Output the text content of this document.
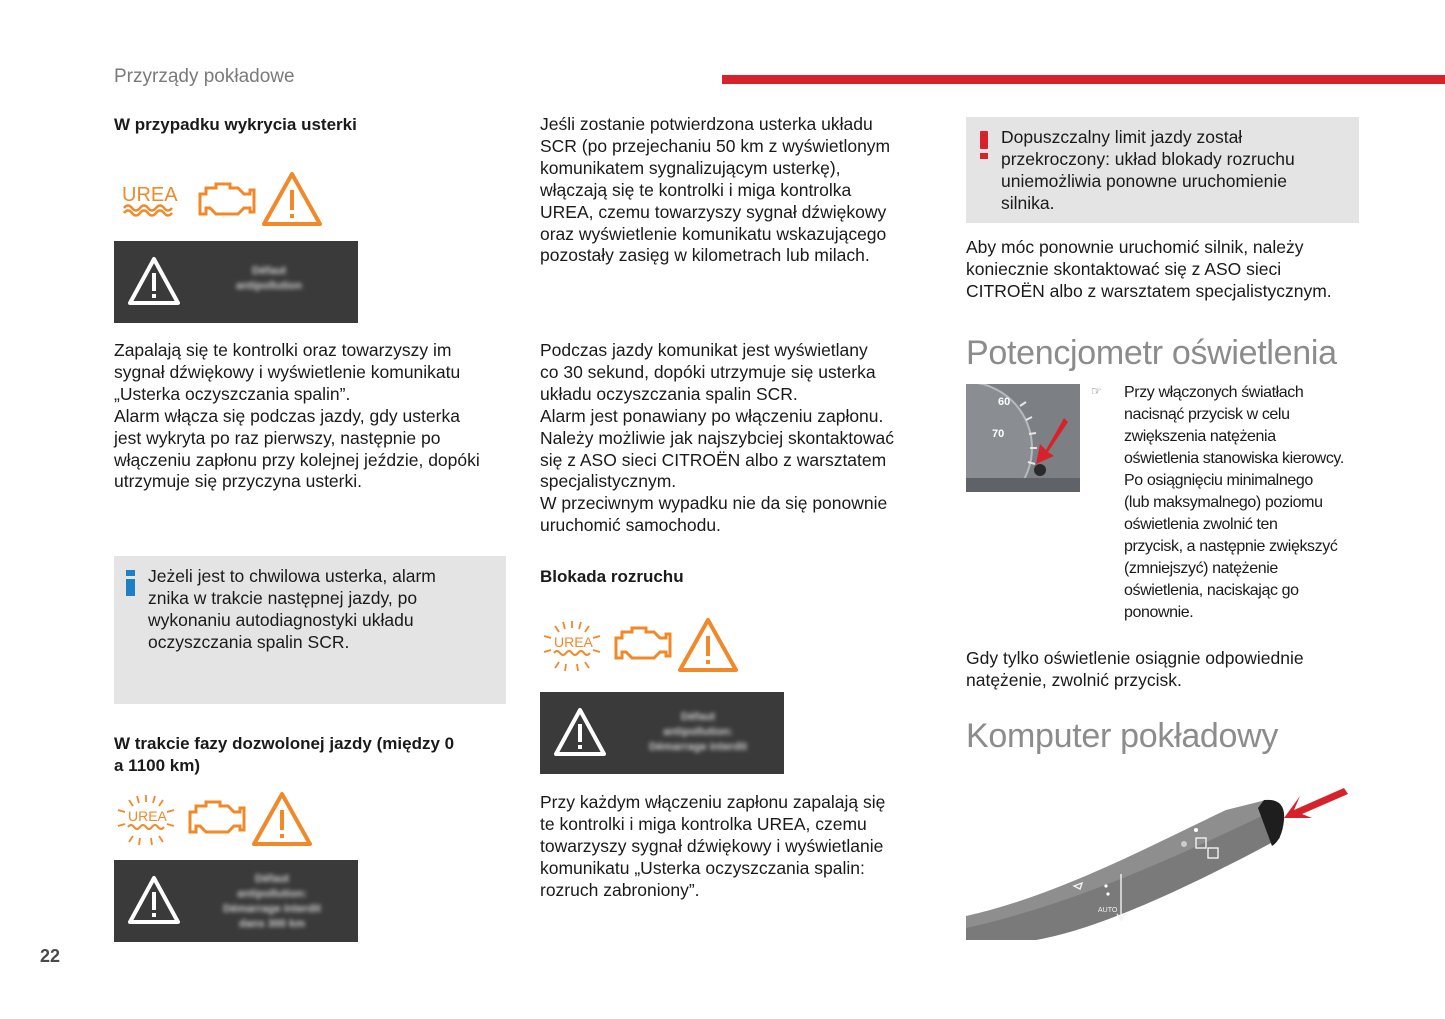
Przyrządy pokładowe
W przypadku wykrycia usterki
UREA
Défaut
antipollution
Zapalają się te kontrolki oraz towarzyszy im
sygnał dźwiękowy i wyświetlenie komunikatu
„Usterka oczyszczania spalin”.
Alarm włącza się podczas jazdy, gdy usterka
jest wykryta po raz pierwszy, następnie po
włączeniu zapłonu przy kolejnej jeździe, dopóki
utrzymuje się przyczyna usterki.
Jeżeli jest to chwilowa usterka, alarm
znika w trakcie następnej jazdy, po
wykonaniu autodiagnostyki układu
oczyszczania spalin SCR.
W trakcie fazy dozwolonej jazdy (między 0
a 1100 km)
UREA
Défaut
antipollution:
Démarrage interdit
dans 300 km
22
Jeśli zostanie potwierdzona usterka układu
SCR (po przejechaniu 50 km z wyświetlonym
komunikatem sygnalizującym usterkę),
włączają się te kontrolki i miga kontrolka
UREA, czemu towarzyszy sygnał dźwiękowy
oraz wyświetlenie komunikatu wskazującego
pozostały zasięg w kilometrach lub milach.
Podczas jazdy komunikat jest wyświetlany
co 30 sekund, dopóki utrzymuje się usterka
układu oczyszczania spalin SCR.
Alarm jest ponawiany po włączeniu zapłonu.
Należy możliwie jak najszybciej skontaktować
się z ASO sieci CITROËN albo z warsztatem
specjalistycznym.
W przeciwnym wypadku nie da się ponownie
uruchomić samochodu.
Blokada rozruchu
UREA
Défaut
antipollution:
Démarrage interdit
Przy każdym włączeniu zapłonu zapalają się
te kontrolki i miga kontrolka UREA, czemu
towarzyszy sygnał dźwiękowy i wyświetlanie
komunikatu „Usterka oczyszczania spalin:
rozruch zabroniony”.
Dopuszczalny limit jazdy został
przekroczony: układ blokady rozruchu
uniemożliwia ponowne uruchomienie
silnika.
Aby móc ponownie uruchomić silnik, należy
koniecznie skontaktować się z ASO sieci
CITROËN albo z warsztatem specjalistycznym.
Potencjometr oświetlenia
60
70
☞ Przy włączonych światłach
nacisnąć przycisk w celu
zwiększenia natężenia
oświetlenia stanowiska kierowcy.
Po osiągnięciu minimalnego
(lub maksymalnego) poziomu
oświetlenia zwolnić ten
przycisk, a następnie zwiększyć
(zmniejszyć) natężenie
oświetlenia, naciskając go
ponownie.
Gdy tylko oświetlenie osiągnie odpowiednie
natężenie, zwolnić przycisk.
Komputer pokładowy
AUTO
